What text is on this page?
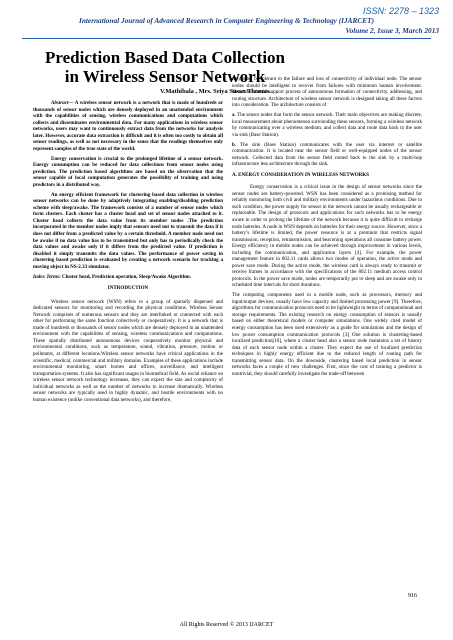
ISSN: 2278 – 1323
International Journal of Advanced Research in Computer Engineering & Technology (IJARCET)
Volume 2, Issue 3, March 2013
Prediction Based Data Collection in Wireless Sensor Network
V.Mathibala , Mrs. Seiya Susan Thomas.

Abstract— A wireless sensor network is a network that is made of hundreds or thousands of sensor nodes which are densely deployed in an unattended environment with the capabilities of sensing, wireless communications and computations which collects and disseminates environmental data. For many applications in wireless sensor networks, users may want to continuously extract data from the networks for analysis later. However, accurate data extraction is difficult and it is often too costly to obtain all sensor readings, as well as not necessary in the sense that the readings themselves only represent samples of the true state of the world.

Energy conservation is crucial to the prolonged lifetime of a sensor network. Energy consumption can be reduced for data collections from sensor nodes using prediction. The prediction based algorithms are based on the observation that the sensor capable of local computation generates the possibility of training and using predictors in a distributed way.

An energy efficient framework for clustering based data collection in wireless sensor networks can be done by adaptively integrating enabling/disabling prediction scheme with sleep/awake. The framework consists of a number of sensor nodes which form clusters. Each cluster has a cluster head and set of sensor nodes attached to it. Cluster head collects the data value from its member nodes .The prediction incorporated in the member nodes imply that sensors need not to transmit the data if it does not differ from a predicted value by a certain threshold. A member node need not be awake if no data value has to be transmitted but only has to periodically check the data values and awake only if it differs from the predicted value. If prediction is disabled it simply transmits the data values. The performance of power saving in clustering based prediction is evaluated by creating a network scenario for tracking a moving object in NS-2.33 simulator.

Index Terms: Cluster head, Prediction operation, Sleep/Awake Algorithm.

INTRODUCTION

Wireless sensor network (WSN) refers to a group of spatially dispersed and dedicated sensors for monitoring and recording the physical conditions. Wireless Sensor Network comprises of numerous sensors and they are interlinked or connected with each other for performing the same function collectively or cooperatively. It is a network that is made of hundreds or thousands of sensor nodes which are densely deployed in an unattended environment with the capabilities of sensing, wireless communications and computations. These spatially distributed autonomous devices cooperatively monitor physical and environmental conditions, such as temperature, sound, vibration, pressure, motion or pollutants, at different locations.Wireless sensor networks have critical applications in the scientific, medical, commercial and military domains. Examples of these applications include environmental monitoring, smart homes and offices, surveillance, and intelligent transportation systems. It also has significant usages in biomedical field. As social reliance on wireless sensor network technology increases, they can expect the size and complexity of individual networks as well as the number of networks to increase dramatically. Wireless sensor networks are typically used in highly dynamic, and hostile environments with no human existence (unlike conventional data networks), and therefore,

they must be tolerant to the failure and loss of connectivity of individual node. The sensor nodes should be intelligent to recover from failures with minimum human involvement. Networks should support process of autonomous formation of connectivity, addressing, and routing structure. Architecture of wireless sensor network is designed taking all these factors into consideration. The architecture consists of

a. The sensor nodes that form the sensor network. Their main objectives are making discrete, local measurement about phenomenon surrounding these sensors, forming a wireless network by communicating over a wireless medium, and collect data and route data back to the user via sink (Base Station).

b. The sink (Base Station) communicates with the user via internet or satellite communication. It is located near the sensor field or well-equipped nodes of the sensor network. Collected data from the sensor field routed back to the sink by a multi-hop infrastructure less architecture through the sink.

A. ENERGY CONSIDERATION IN WIRELESS NETWORKS

Energy conservation is a critical issue in the design of sensor networks since the sensor nodes are battery-powered. WSN has been considered as a promising method for reliably monitoring both civil and military environments under hazardous conditions. Due to such condition, the power supply for sensor in the network cannot be usually rechargeable or replaceable. The design of protocols and applications for such networks has to be energy aware in order to prolong the lifetime of the network because it is quite difficult to recharge node batteries. A node in WSN depends on batteries for their energy source. However, since a battery’s lifetime is limited, the power resource is at a premium that restricts signal transmission, reception, retransmission, and beaconing operations all consume battery power. Energy efficiency in mobile nodes can be achieved through improvement in various levels, including the communication, and application layers [4]. For example, the power management feature in 802.11 cards allows two modes of operation, the active mode and power save mode. During the active mode, the wireless card is always ready to transmit or receive frames in accordance with the specifications of the 802.11 medium access control protocols. In the power save mode, nodes are temporarily put to sleep and are awake only in scheduled time intervals for short durations.

The computing components used in a mobile node, such as processors, memory and input/output devices; usually have low capacity and limited processing power [9]. Therefore, algorithms for communication protocols need to be lightweight in terms of computational and storage requirements. The existing research on energy consumption of sensors is usually based on either theoretical models or computer simulations. One widely cited model of energy consumption has been used extensively as a guide for simulations and the design of low power consumption communication protocols [3] One solution is clustering-based localized prediction[10], where a cluster head also a sensor node maintains a set of history data of each sensor node within a cluster. They expect the use of localized prediction techniques in highly energy efficient due to the reduced length of routing path for transmitting sensor data. On the downside, clustering based local prediction in sensor networks faces a couple of new challenges. First, since the cost of training a predictor is nontrivial, they should carefully investigate the trade-off between

916
All Rights Reserved © 2013 IJARCET
